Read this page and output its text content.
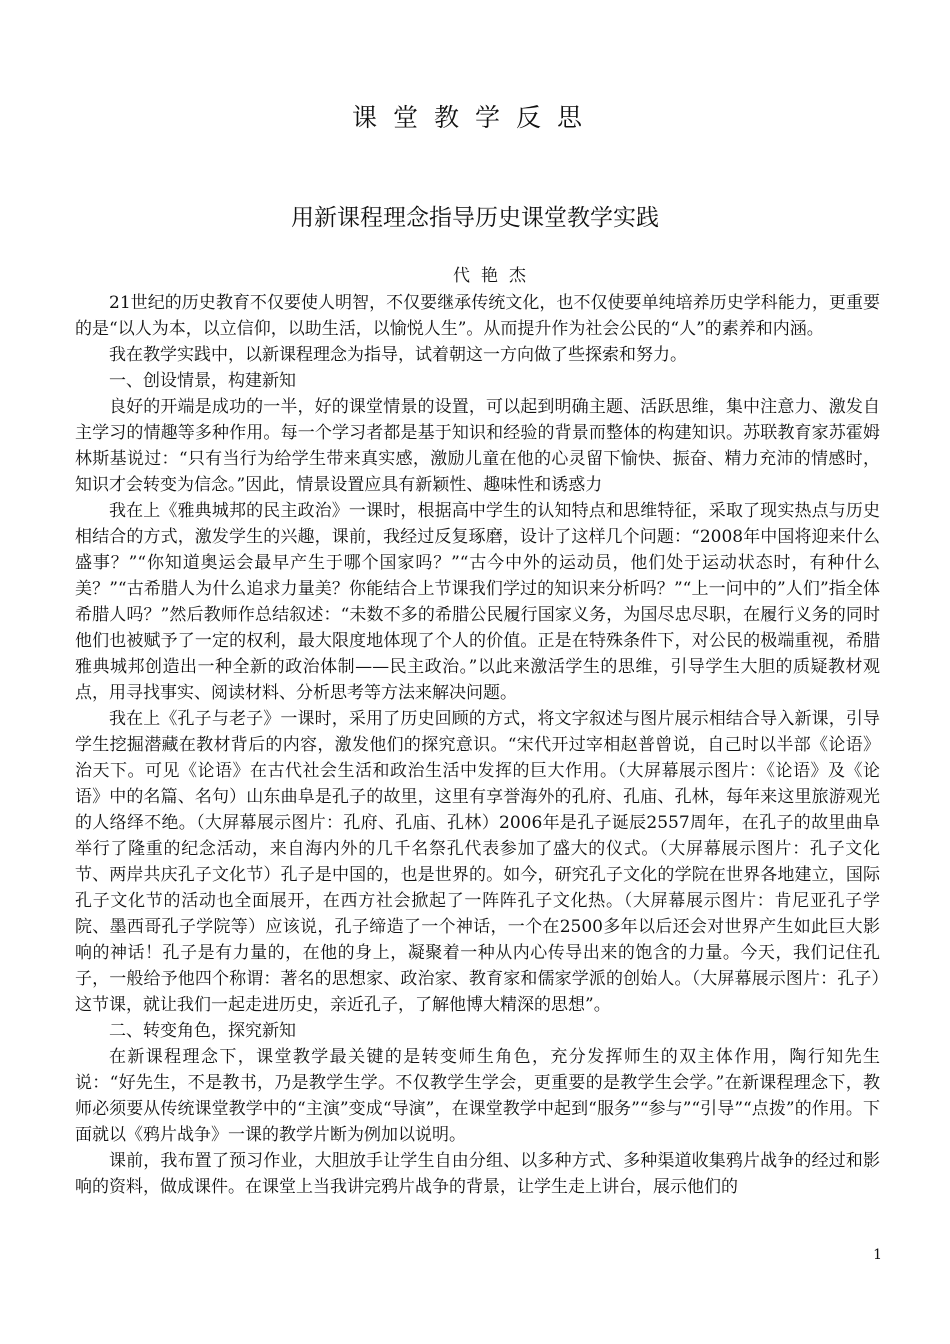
课堂教学反思
用新课程理念指导历史课堂教学实践
代艳杰

21世纪的历史教育不仅要使人明智，不仅要继承传统文化，也不仅使要单纯培养历史学科能力，更重要的是“以人为本，以立信仰，以助生活，以愉悦人生”。从而提升作为社会公民的“人”的素养和内涵。

我在教学实践中，以新课程理念为指导，试着朝这一方向做了些探索和努力。

一、创设情景，构建新知

良好的开端是成功的一半，好的课堂情景的设置，可以起到明确主题、活跃思维，集中注意力、激发自主学习的情趣等多种作用。每一个学习者都是基于知识和经验的背景而整体的构建知识。苏联教育家苏霍姆林斯基说过：“只有当行为给学生带来真实感，激励儿童在他的心灵留下愉快、振奋、精力充沛的情感时，知识才会转变为信念。”因此，情景设置应具有新颖性、趣味性和诱惑力

我在上《雅典城邦的民主政治》一课时，根据高中学生的认知特点和思维特征，采取了现实热点与历史相结合的方式，激发学生的兴趣，课前，我经过反复琢磨，设计了这样几个问题：“2008年中国将迎来什么盛事？”“你知道奥运会最早产生于哪个国家吗？”“古今中外的运动员，他们处于运动状态时，有种什么美？”“古希腊人为什么追求力量美？你能结合上节课我们学过的知识来分析吗？”“上一问中的”人们”指全体希腊人吗？”然后教师作总结叙述：“未数不多的希腊公民履行国家义务，为国尽忠尽职，在履行义务的同时他们也被赋予了一定的权利，最大限度地体现了个人的价值。正是在特殊条件下，对公民的极端重视，希腊雅典城邦创造出一种全新的政治体制——民主政治。”以此来激活学生的思维，引导学生大胆的质疑教材观点，用寻找事实、阅读材料、分析思考等方法来解决问题。

我在上《孔子与老子》一课时，采用了历史回顾的方式，将文字叙述与图片展示相结合导入新课，引导学生挖掘潜藏在教材背后的内容，激发他们的探究意识。“宋代开过宰相赵普曾说，自己时以半部《论语》治天下。可见《论语》在古代社会生活和政治生活中发挥的巨大作用。（大屏幕展示图片：《论语》及《论语》中的名篇、名句）山东曲阜是孔子的故里，这里有享誉海外的孔府、孔庙、孔林，每年来这里旅游观光的人络绎不绝。（大屏幕展示图片：孔府、孔庙、孔林）2006年是孔子诞辰2557周年，在孔子的故里曲阜举行了隆重的纪念活动，来自海内外的几千名祭孔代表参加了盛大的仪式。（大屏幕展示图片：孔子文化节、两岸共庆孔子文化节）孔子是中国的，也是世界的。如今，研究孔子文化的学院在世界各地建立，国际孔子文化节的活动也全面展开，在西方社会掀起了一阵阵孔子文化热。（大屏幕展示图片：肯尼亚孔子学院、墨西哥孔子学院等）应该说，孔子缔造了一个神话，一个在2500多年以后还会对世界产生如此巨大影响的神话！孔子是有力量的，在他的身上，凝聚着一种从内心传导出来的饱含的力量。今天，我们记住孔子，一般给予他四个称谓：著名的思想家、政治家、教育家和儒家学派的创始人。（大屏幕展示图片：孔子）这节课，就让我们一起走进历史，亲近孔子，了解他博大精深的思想”。

二、转变角色，探究新知

在新课程理念下，课堂教学最关键的是转变师生角色，充分发挥师生的双主体作用，陶行知先生说：“好先生，不是教书，乃是教学生学。不仅教学生学会，更重要的是教学生会学。”在新课程理念下，教师必须要从传统课堂教学中的“主演”变成“导演”，在课堂教学中起到“服务”“参与”“引导”“点拨”的作用。下面就以《鸦片战争》一课的教学片断为例加以说明。

课前，我布置了预习作业，大胆放手让学生自由分组、以多种方式、多种渠道收集鸦片战争的经过和影响的资料，做成课件。在课堂上当我讲完鸦片战争的背景，让学生走上讲台，展示他们的

1
